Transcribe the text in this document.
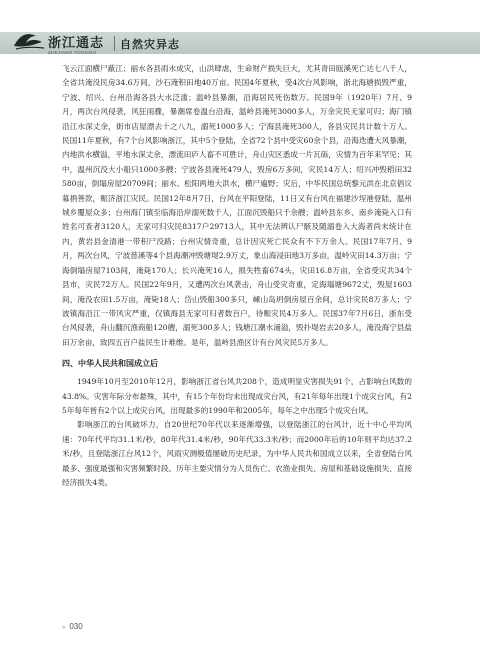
浙江通志
ZHEJIANG TONGZHI
自然灾异志

飞云江面横尸蔽江；丽水各县雨水成灾，山洪肆虐，生命财产损失巨大，尤其青田瓯溪死亡达七八千人，全省共淹没民房34.6万间，沙石淹积田地40万亩。民国4年夏秋，受4次台风影响，浙北海塘损毁严重，宁波、绍兴、台州沿海各县大水泛滥；温岭县暴潮，沿海居民死伤数万。民国9年（1920年）7月、9月，两次台风侵袭，风狂雨骤，暴潮席卷温台沿海，温岭县淹死3000多人，万余灾民无家可归；海门镇沿江水深丈余，街市店屋漂去十之八九，溺死1000多人；宁海县淹死300人，各县灾民共计数十万人。民国11年夏秋，有7个台风影响浙江，其中5个登陆，全省72个县中受灾60余个县，沿海迭遭大风暴潮，内地洪水横溢，平地水深丈余，漂流田庐人畜不可胜计，舟山灾区悉成一片瓦砾，灾情为百年来罕见；其中，温州沉没大小船只1000多艘；宁波各县淹死479人，毁房6万多间，灾民14万人；绍兴冲毁稻田32580亩，倒塌房屋20709间；丽水、松阳两地大洪水，横尸遍野；灾后，中华民国总统黎元洪在北京倡议募捐善款，赈济浙江灾民。民国12年8月7日，台风在平阳登陆，11日又有台风在福建沙埕港登陆，温州城乡覆屋众多；台州海门镇至临海沿岸溺死数千人，江面沉毁船只千余艘；温岭县东乡、南乡淹毙入口有姓名可查者3120人，无家可归灾民8317户29713人，其中无法辨认尸骸及随溺卷入大海者尚未统计在内，黄岩县金清港一带积尸没路；台州灾情奇重，总计因灾死亡民众有不下万余人。民国17年7月、9月，两次台风，宁波慈溪等4个县海潮冲毁塘堤2.9万丈，象山海浸田地3万多亩，温岭灾田14.3万亩；宁海倒塌房屋7103间，淹毙170人；长兴淹死16人，损失牲畜674头，灾田16.8万亩，全省受灾共34个县市，灾民72万人。民国22年9月，又遭两次台风袭击，舟山受灾奇重，定海塌塘9672丈，毁屋1603间，淹没农田1.5万亩，淹毙18人；岱山毁船300多只，嵊山岛坍倒房屋百余间，总计灾民8万多人；宁波镇海沿江一带风灾严重，仅镇海县无家可归者数百户，待赈灾民4万多人。民国37年7月6日，浙东受台风侵袭，舟山翻沉渔商船120艘，溺死300多人；钱塘江潮水涌溢，毁扑堤岩去20多人，淹没海宁县盐田万余亩，致四五百户盐民生计难维。是年，温岭县渔区计有台风灾民5万多人。

四、中华人民共和国成立后

1949年10月至2010年12月，影响浙江省台风共208个，造成明显灾害损失91个，占影响台风数的43.8%。灾害年际分布悬殊，其中，有15个年份均未出现成灾台风，有21年每年出现1个成灾台风，有25年每年皆有2个以上成灾台风，出现最多的1990年和2005年，每年之中出现5个成灾台风。

影响浙江的台风破坏力，自20世纪70年代以来逐渐增强，以登陆浙江的台风计，近十中心平均风速：70年代平均31.1米/秒，80年代31.4米/秒，90年代33.3米/秒；而2000年后的10年则平均达37.2米/秒，且登陆浙江台风12个，风雨灾测极值屡破历史纪录，为中华人民共和国成立以来，全省登陆台风最多、强度最强和灾害频繁时段。历年主要灾情分为人员伤亡、农渔业损失、房屋和基础设施损失、直接经济损失4类。

» 030
